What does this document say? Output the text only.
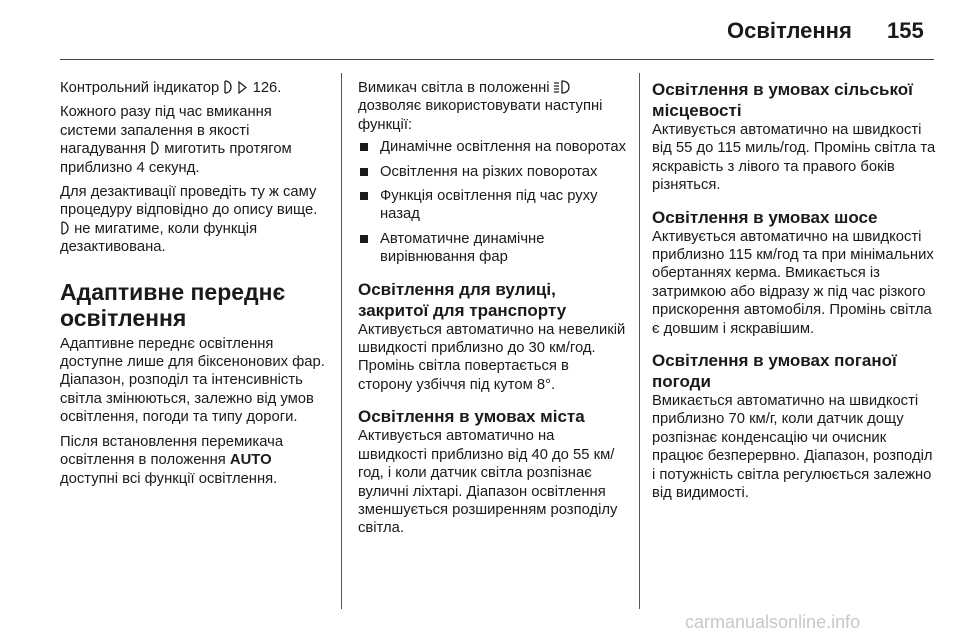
Освітлення 155

Контрольний індикатор 126.

Кожного разу під час вмикання системи запалення в якості нагадування миготить протягом приблизно 4 секунд.

Для дезактивації проведіть ту ж саму процедуру відповідно до опису вище.  не мигатиме, коли функція дезактивована.

Адаптивне переднє освітлення

Адаптивне переднє освітлення доступне лише для біксенонових фар. Діапазон, розподіл та інтенсивність світла змінюються, залежно від умов освітлення, погоди та типу дороги.

Після встановлення перемикача освітлення в положення AUTO доступні всі функції освітлення.

Вимикач світла в положенні  дозволяє використовувати наступні функції:

Динамічне освітлення на поворотах
Освітлення на різких поворотах
Функція освітлення під час руху назад
Автоматичне динамічне вирівнювання фар
Освітлення для вулиці, закритої для транспорту

Активується автоматично на невеликій швидкості приблизно до 30 км/год. Промінь світла повертається в сторону узбіччя під кутом 8°.

Освітлення в умовах міста

Активується автоматично на швидкості приблизно від 40 до 55 км/год, і коли датчик світла розпізнає вуличні ліхтарі. Діапазон освітлення зменшується розширенням розподілу світла.

Освітлення в умовах сільської місцевості

Активується автоматично на швидкості від 55 до 115 миль/год. Промінь світла та яскравість з лівого та правого боків різняться.

Освітлення в умовах шосе

Активується автоматично на швидкості приблизно 115 км/год та при мінімальних обертаннях керма. Вмикається із затримкою або відразу ж під час різкого прискорення автомобіля. Промінь світла є довшим і яскравішим.

Освітлення в умовах поганої погоди

Вмикається автоматично на швидкості приблизно 70 км/г, коли датчик дощу розпізнає конденсацію чи очисник працює безперервно. Діапазон, розподіл і потужність світла регулюється залежно від видимості.

carmanualsonline.info
